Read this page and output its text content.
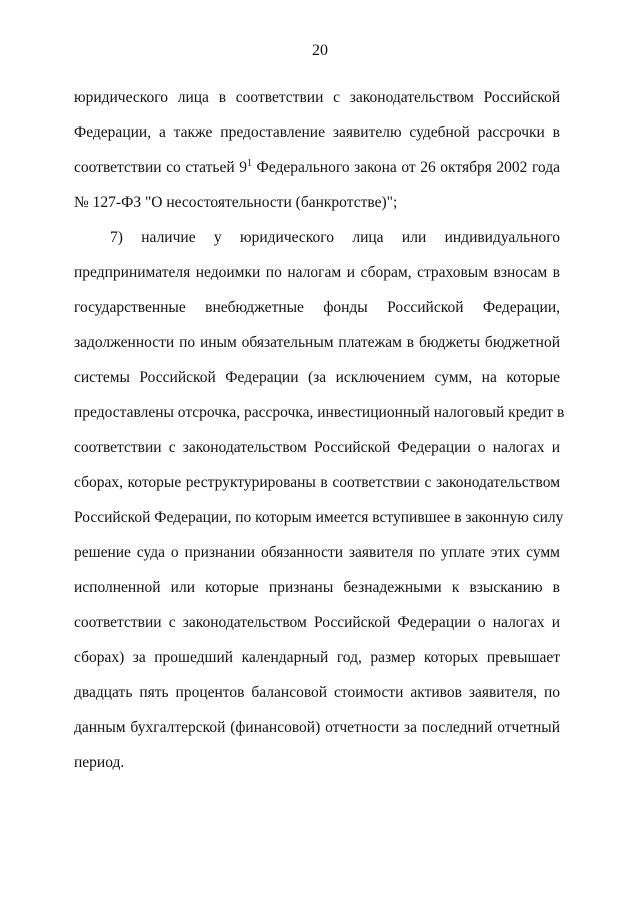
20
юридического лица в соответствии с законодательством Российской
Федерации, а также предоставление заявителю судебной рассрочки в
соответствии со статьей 9$^1$ Федерального закона от 26 октября 2002 года
№ 127-ФЗ "О несостоятельности (банкротстве)";
7) наличие у юридического лица или индивидуального
предпринимателя недоимки по налогам и сборам, страховым взносам в
государственные внебюджетные фонды Российской Федерации,
задолженности по иным обязательным платежам в бюджеты бюджетной
системы Российской Федерации (за исключением сумм, на которые
предоставлены отсрочка, рассрочка, инвестиционный налоговый кредит в
соответствии с законодательством Российской Федерации о налогах и
сборах, которые реструктурированы в соответствии с законодательством
Российской Федерации, по которым имеется вступившее в законную силу
решение суда о признании обязанности заявителя по уплате этих сумм
исполненной или которые признаны безнадежными к взысканию в
соответствии с законодательством Российской Федерации о налогах и
сборах) за прошедший календарный год, размер которых превышает
двадцать пять процентов балансовой стоимости активов заявителя, по
данным бухгалтерской (финансовой) отчетности за последний отчетный
период.
